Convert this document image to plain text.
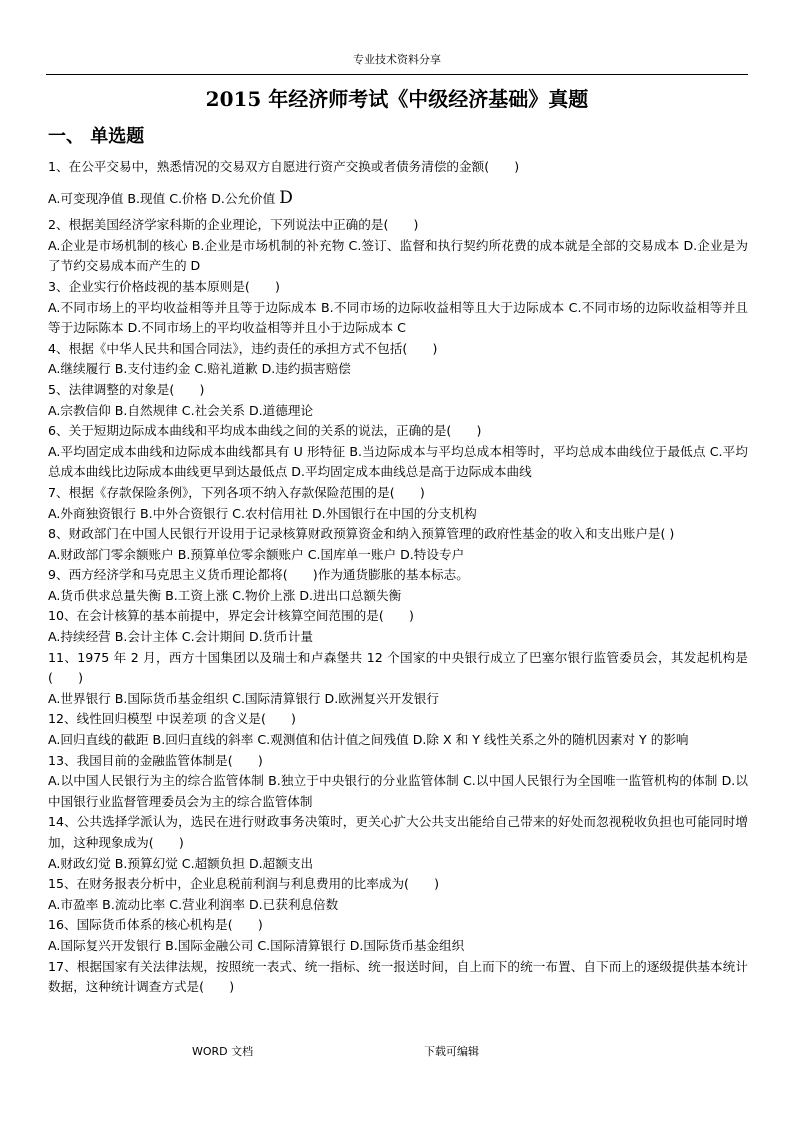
专业技术资料分享
2015 年经济师考试《中级经济基础》真题
一、 单选题

1、在公平交易中，熟悉情况的交易双方自愿进行资产交换或者债务清偿的金额(　　)

A.可变现净值 B.现值 C.价格 D.公允价值 D

2、根据美国经济学家科斯的企业理论，下列说法中正确的是(　　)

A.企业是市场机制的核心 B.企业是市场机制的补充物 C.签订、监督和执行契约所花费的成本就是全部的交易成本 D.企业是为了节约交易成本而产生的 D

3、企业实行价格歧视的基本原则是(　　)

A.不同市场上的平均收益相等并且等于边际成本 B.不同市场的边际收益相等且大于边际成本 C.不同市场的边际收益相等并且等于边际陈本 D.不同市场上的平均收益相等并且小于边际成本 C

4、根据《中华人民共和国合同法》，违约责任的承担方式不包括(　　)

A.继续履行 B.支付违约金 C.赔礼道歉 D.违约损害赔偿

5、法律调整的对象是(　　)

A.宗教信仰 B.自然规律 C.社会关系 D.道德理论

6、关于短期边际成本曲线和平均成本曲线之间的关系的说法，正确的是(　　)

A.平均固定成本曲线和边际成本曲线都具有 U 形特征 B.当边际成本与平均总成本相等时，平均总成本曲线位于最低点 C.平均总成本曲线比边际成本曲线更早到达最低点 D.平均固定成本曲线总是高于边际成本曲线

7、根据《存款保险条例》，下列各项不纳入存款保险范围的是(　　)

A.外商独资银行 B.中外合资银行 C.农村信用社 D.外国银行在中国的分支机构

8、财政部门在中国人民银行开设用于记录核算财政预算资金和纳入预算管理的政府性基金的收入和支出账户是( )

A.财政部门零余额账户 B.预算单位零余额账户 C.国库单一账户 D.特设专户

9、西方经济学和马克思主义货币理论都将(　　)作为通货膨胀的基本标志。

A.货币供求总量失衡 B.工资上涨 C.物价上涨 D.进出口总额失衡

10、在会计核算的基本前提中，界定会计核算空间范围的是(　　)

A.持续经营 B.会计主体 C.会计期间 D.货币计量

11、1975 年 2 月，西方十国集团以及瑞士和卢森堡共 12 个国家的中央银行成立了巴塞尔银行监管委员会，其发起机构是(　　)

A.世界银行 B.国际货币基金组织 C.国际清算银行 D.欧洲复兴开发银行

12、线性回归模型 中误差项 的含义是(　　)

A.回归直线的截距 B.回归直线的斜率 C.观测值和估计值之间残值 D.除 X 和 Y 线性关系之外的随机因素对 Y 的影响

13、我国目前的金融监管体制是(　　)

A.以中国人民银行为主的综合监管体制 B.独立于中央银行的分业监管体制 C.以中国人民银行为全国唯一监管机构的体制 D.以中国银行业监督管理委员会为主的综合监管体制

14、公共选择学派认为，选民在进行财政事务决策时，更关心扩大公共支出能给自己带来的好处而忽视税收负担也可能同时增加，这种现象成为(　　)

A.财政幻觉 B.预算幻觉 C.超额负担 D.超额支出

15、在财务报表分析中，企业息税前利润与利息费用的比率成为(　　)

A.市盈率 B.流动比率 C.营业利润率 D.已获利息倍数

16、国际货币体系的核心机构是(　　)

A.国际复兴开发银行 B.国际金融公司 C.国际清算银行 D.国际货币基金组织

17、根据国家有关法律法规，按照统一表式、统一指标、统一报送时间，自上而下的统一布置、自下而上的逐级提供基本统计数据，这种统计调查方式是(　　)

WORD 文档	下载可编辑
